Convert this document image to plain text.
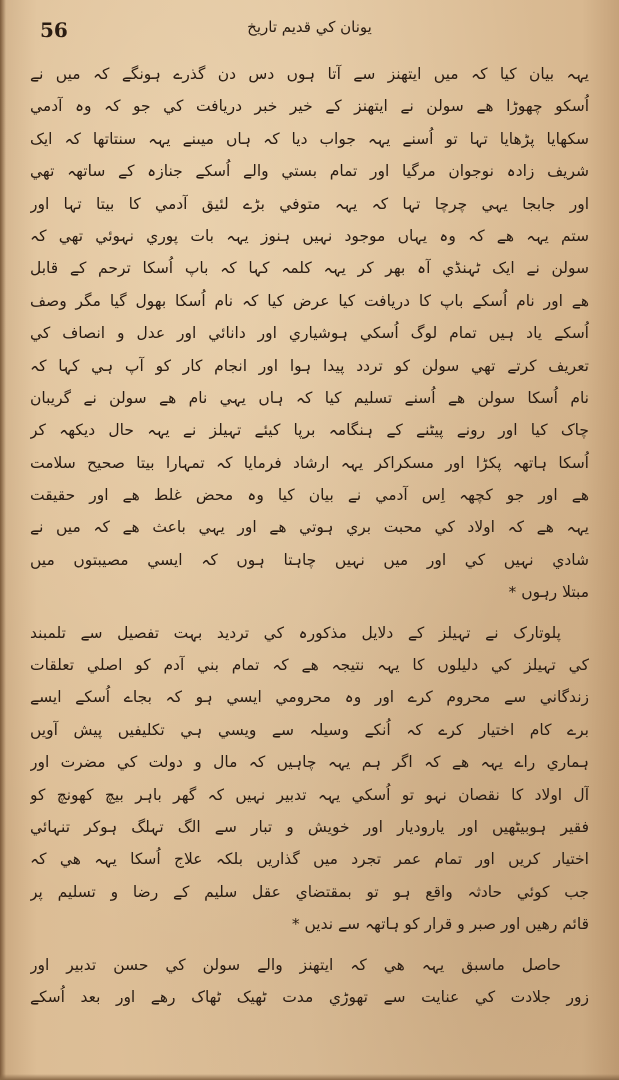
56	یونان کي قدیم تاریخ
یہہ بیان کیا کہ میں ایتھنز سے آتا ہوں دس دن گذرے ہونگے کہ میں نے
اُسکو چھوڑا ھے سولن نے ایتھنز کے خیر خبر دریافت کي جو کہ وہ آدمي
سکھایا پڑھایا تہا تو اُسنے یہہ جواب دیا کہ ہاں میںنے یہہ سنتاتھا کہ ایک
شریف زادہ نوجوان مرگیا اور تمام بستي والے اُسکے جنازہ کے ساتھہ تھي
اور جابجا یہي چرچا تہا کہ یہہ متوفي بڑے لئیق آدمي کا بیتا تہا اور
ستم یہہ ھے کہ وہ یہاں موجود نہیں ہنوز یہہ بات پوري نہوئي تھي کہ
سولن نے ایک ٹہنڈي آہ بھر کر یہہ کلمہ کہا کہ باپ اُسکا ترحم کے قابل
ھے اور نام اُسکے باپ کا دریافت کیا عرض کیا کہ نام اُسکا بھول گیا مگر وصف
اُسکے یاد ہیں تمام لوگ اُسکي ہوشیاري اور دانائي اور عدل و انصاف کي
تعریف کرتے تھي سولن کو تردد پیدا ہوا اور انجام کار کو آپ ہي کہا کہ
نام اُسکا سولن ھے اُسنے تسلیم کیا کہ ہاں یہي نام ھے سولن نے گریبان
چاک کیا اور رونے پیٹنے کے ہنگامہ برپا کیئے تہیلز نے یہہ حال دیکھہ کر
اُسکا ہاتھہ پکڑا اور مسکراکر یہہ ارشاد فرمایا کہ تمہارا بیتا صحیح سلامت
ھے اور جو کچھہ اِس آدمي نے بیان کیا وہ محض غلط ھے اور حقیقت
یہہ ھے کہ اولاد کي محبت بري ہوتي ھے اور یہي باعث ھے کہ میں نے
شادي نہیں کي اور میں نہیں چاہتا ہوں کہ ایسي مصیبتوں میں
مبتلا رہوں *
پلوتارک نے تہیلز کے دلایل مذکورہ کي تردید بہت تفصیل سے تلمبند
کي تہیلز کي دلیلوں کا یہہ نتیجہ ھے کہ تمام بني آدم کو اصلي تعلقات
زندگاني سے محروم کرے اور وہ محرومي ایسي ہو کہ بجاے اُسکے ایسے
برے کام اختیار کرے کہ اُنکے وسیلہ سے ویسي ہي تکلیفیں پیش آویں
ہماري راے یہہ ھے کہ اگر ہم یہہ چاہیں کہ مال و دولت کي مضرت اور
آل اولاد کا نقصان نہو تو اُسکي یہہ تدبیر نہیں کہ گھر باہر بیچ کھونچ کو
فقیر ہوبیٹھیں اور یاروديار اور خویش و تبار سے الگ تہلگ ہوکر تنہائي
اختیار کریں اور تمام عمر تجرد میں گذاریں بلکہ علاج اُسکا یہہ ھي کہ
جب کوئي حادثہ واقع ہو تو بمقتضاي عقل سلیم کے رضا و تسلیم پر
قائم رھیں اور صبر و قرار کو ہاتھہ سے ندیں *
حاصل ماسبق یہہ ھي کہ ایتھنز والے سولن کي حسن تدبیر اور
زور جلادت کي عنایت سے تھوڑي مدت ٹھیک ٹھاک رھے اور بعد اُسکے
